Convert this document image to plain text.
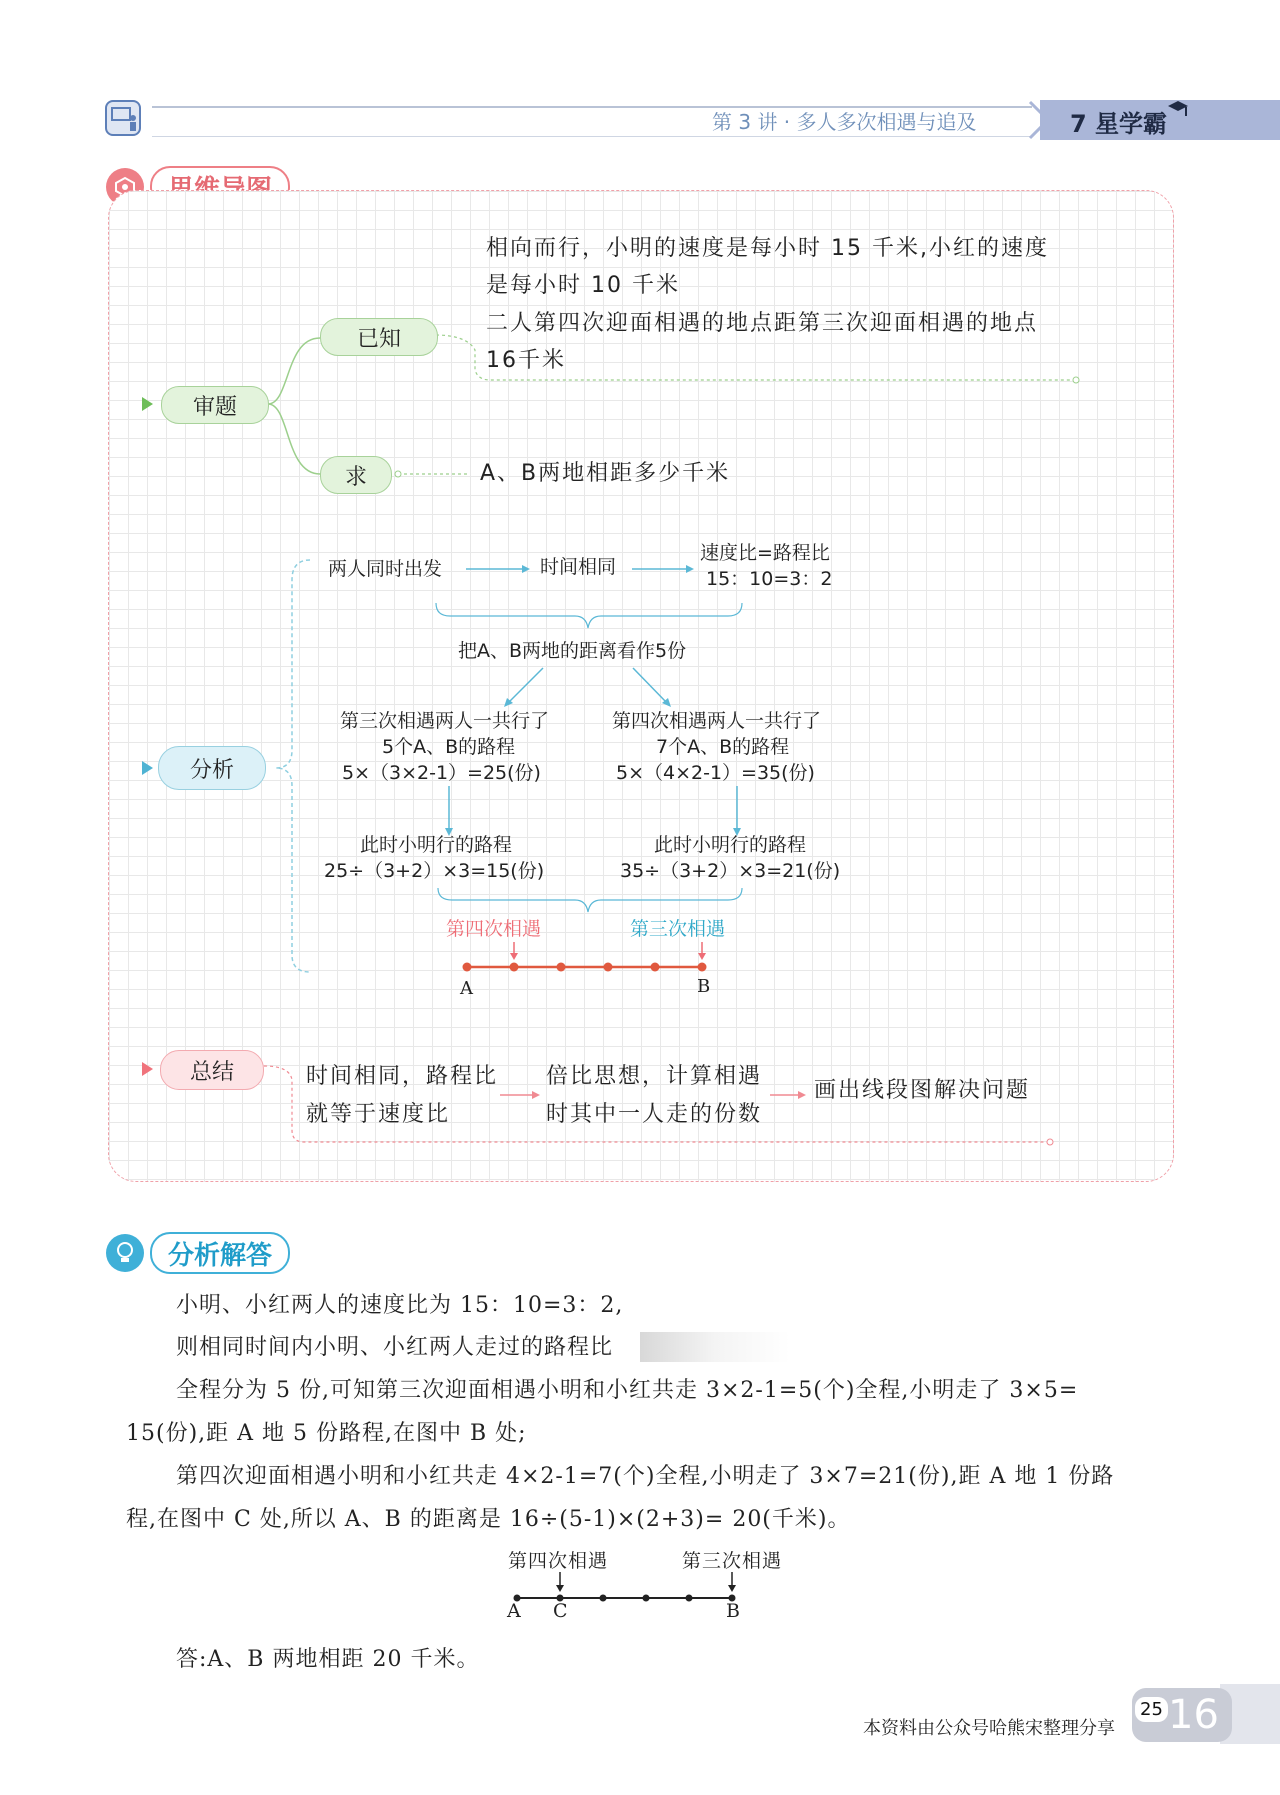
第 3 讲 · 多人多次相遇与追及	7 星学霸
审题
已知
求
相向而行，小明的速度是每小时 15 千米,小红的速度
是每小时 10 千米
二人第四次迎面相遇的地点距第三次迎面相遇的地点
16千米
A、B两地相距多少千米
分析
两人同时出发	时间相同
速度比=路程比
15：10=3：2
把A、B两地的距离看作5份
第三次相遇两人一共行了
5个A、B的路程
5×（3×2-1）=25(份)
第四次相遇两人一共行了
7个A、B的路程
5×（4×2-1）=35(份)
此时小明行的路程
25÷（3+2）×3=15(份)
此时小明行的路程
35÷（3+2）×3=21(份)
第四次相遇	第三次相遇
A	B
总结	时间相同，路程比
就等于速度比
倍比思想，计算相遇
时其中一人走的份数
画出线段图解决问题
分析解答
小明、小红两人的速度比为 15：10=3：2,
则相同时间内小明、小红两人走过的路程比
全程分为 5 份,可知第三次迎面相遇小明和小红共走 3×2-1=5(个)全程,小明走了 3×5=
15(份),距 A 地 5 份路程,在图中 B 处;
第四次迎面相遇小明和小红共走 4×2-1=7(个)全程,小明走了 3×7=21(份),距 A 地 1 份路
程,在图中 C 处,所以 A、B 的距离是 16÷(5-1)×(2+3)= 20(千米)。
第四次相遇	第三次相遇
A C	B
答:A、B 两地相距 20 千米。
16
25
本资料由公众号哈熊宋整理分享
